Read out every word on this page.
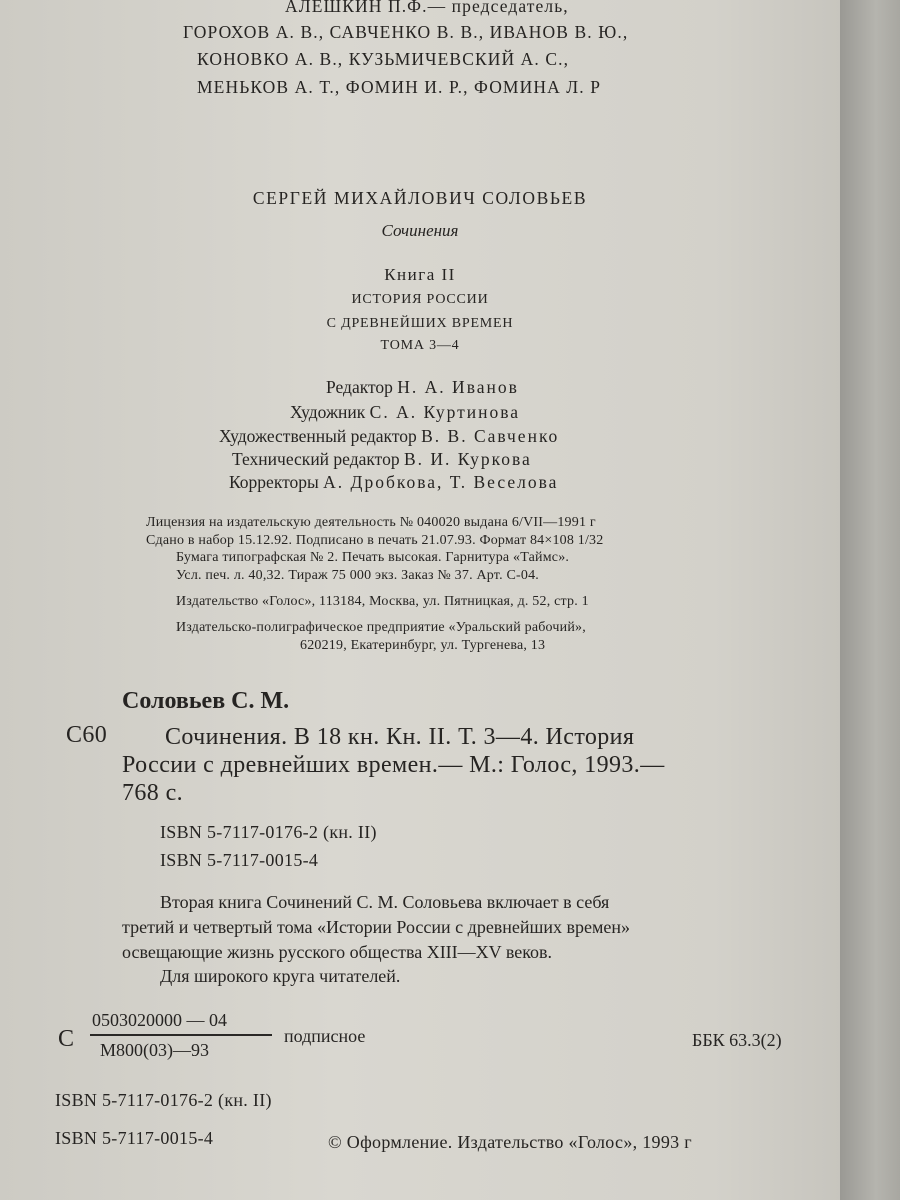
АЛЕШКИН П.Ф.— председатель,
ГОРОХОВ А. В., САВЧЕНКО В. В., ИВАНОВ В. Ю.,
КОНОВКО А. В., КУЗЬМИЧЕВСКИЙ А. С.,
МЕНЬКОВ А. Т., ФОМИН И. Р., ФОМИНА Л. Р
СЕРГЕЙ МИХАЙЛОВИЧ СОЛОВЬЕВ
Сочинения
Книга II
ИСТОРИЯ РОССИИ
С ДРЕВНЕЙШИХ ВРЕМЕН
ТОМА 3—4
Редактор Н. А. Иванов
Художник С. А. Куртинова
Художественный редактор В. В. Савченко
Технический редактор В. И. Куркова
Корректоры А. Дробкова, Т. Веселова
Лицензия на издательскую деятельность № 040020 выдана 6/VII—1991 г
Сдано в набор 15.12.92. Подписано в печать 21.07.93. Формат 84×108 1/32
Бумага типографская № 2. Печать высокая. Гарнитура «Таймс».
Усл. печ. л. 40,32. Тираж 75 000 экз. Заказ № 37. Арт. С-04.
Издательство «Голос», 113184, Москва, ул. Пятницкая, д. 52, стр. 1
Издательско-полиграфическое предприятие «Уральский рабочий»,
620219, Екатеринбург, ул. Тургенева, 13
Соловьев С. М.
С60 Сочинения. В 18 кн. Кн. II. Т. 3—4. История
России с древнейших времен.— М.: Голос, 1993.—
768 с.
ISBN 5-7117-0176-2 (кн. II)
ISBN 5-7117-0015-4
Вторая книга Сочинений С. М. Соловьева включает в себя
третий и четвертый тома «Истории России с древнейших времен»
освещающие жизнь русского общества XIII—XV веков.
Для широкого круга читателей.
С
0503020000 — 04
М800(03)—93
подписное	ББК 63.3(2)
ISBN 5-7117-0176-2 (кн. II)
ISBN 5-7117-0015-4	© Оформление. Издательство «Голос», 1993 г
